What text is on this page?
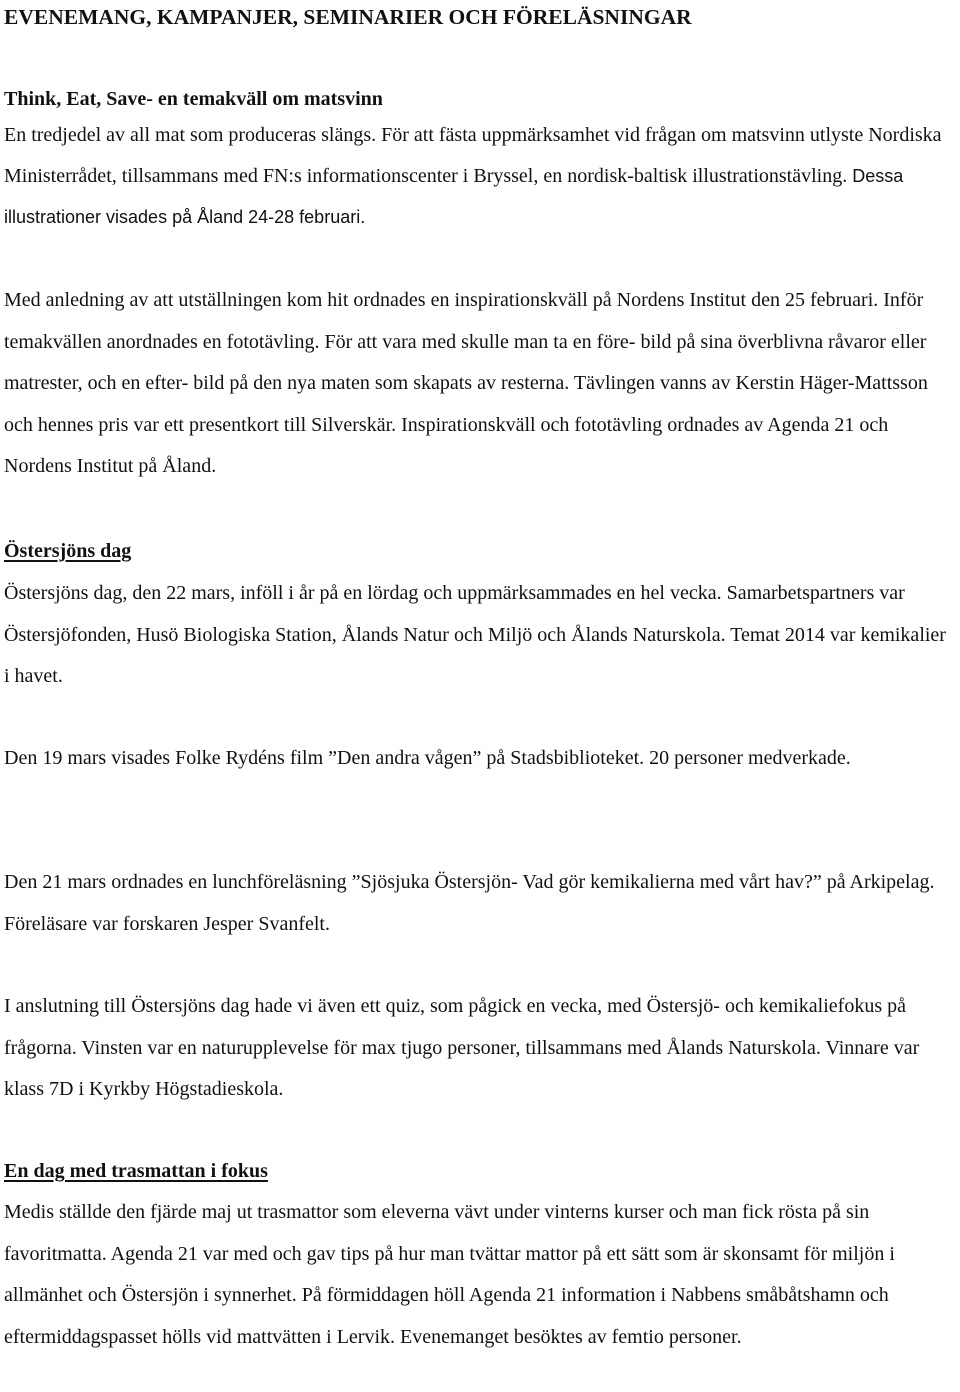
EVENEMANG, KAMPANJER, SEMINARIER OCH FÖRELÄSNINGAR
Think, Eat, Save- en temakväll om matsvinn

En tredjedel av all mat som produceras slängs. För att fästa uppmärksamhet vid frågan om matsvinn utlyste Nordiska Ministerrådet, tillsammans med FN:s informationscenter i Bryssel, en nordisk-baltisk illustrationstävling. Dessa illustrationer visades på Åland 24-28 februari.

Med anledning av att utställningen kom hit ordnades en inspirationskväll på Nordens Institut den 25 februari. Inför temakvällen anordnades en fototävling. För att vara med skulle man ta en före- bild på sina överblivna råvaror eller matrester, och en efter- bild på den nya maten som skapats av resterna. Tävlingen vanns av Kerstin Häger-Mattsson och hennes pris var ett presentkort till Silverskär. Inspirationskväll och fototävling ordnades av Agenda 21 och Nordens Institut på Åland.

Östersjöns dag

Östersjöns dag, den 22 mars, inföll i år på en lördag och uppmärksammades en hel vecka. Samarbetspartners var Östersjöfonden, Husö Biologiska Station, Ålands Natur och Miljö och Ålands Naturskola. Temat 2014 var kemikalier i havet.

Den 19 mars visades Folke Rydéns film ”Den andra vågen” på Stadsbiblioteket. 20 personer medverkade.

Den 21 mars ordnades en lunchföreläsning ”Sjösjuka Östersjön- Vad gör kemikalierna med vårt hav?” på Arkipelag. Föreläsare var forskaren Jesper Svanfelt.

I anslutning till Östersjöns dag hade vi även ett quiz, som pågick en vecka, med Östersjö- och kemikaliefokus på frågorna. Vinsten var en naturupplevelse för max tjugo personer, tillsammans med Ålands Naturskola. Vinnare var klass 7D i Kyrkby Högstadieskola.

En dag med trasmattan i fokus

Medis ställde den fjärde maj ut trasmattor som eleverna vävt under vinterns kurser och man fick rösta på sin favoritmatta. Agenda 21 var med och gav tips på hur man tvättar mattor på ett sätt som är skonsamt för miljön i allmänhet och Östersjön i synnerhet. På förmiddagen höll Agenda 21 information i Nabbens småbåtshamn och eftermiddagspasset hölls vid mattvätten i Lervik. Evenemanget besöktes av femtio personer.
